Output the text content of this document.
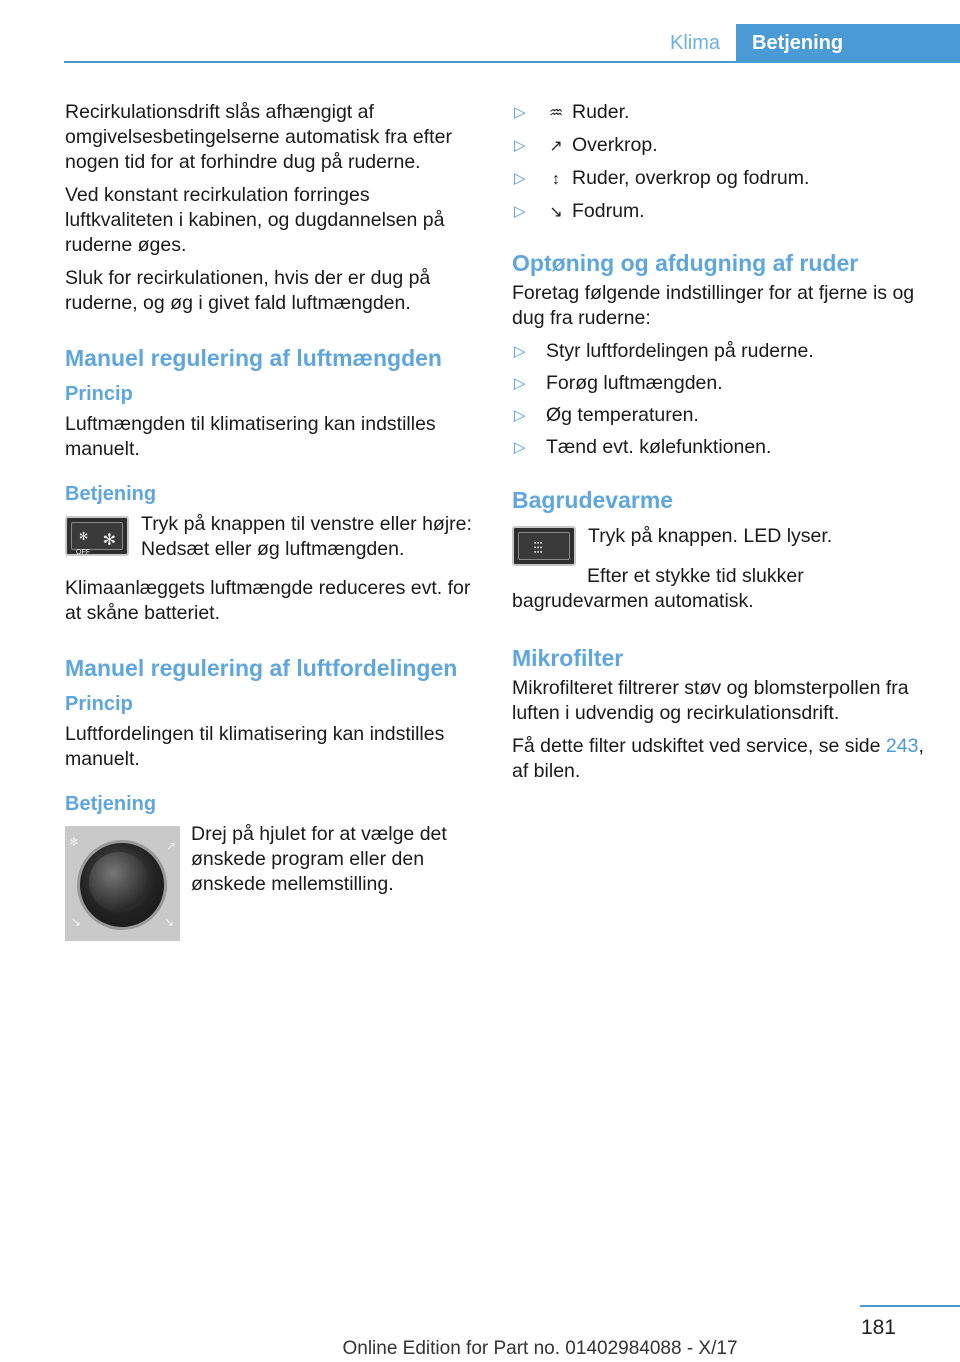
Klima	Betjening

Recirkulationsdrift slås afhængigt af omgivelsesbetingelserne automatisk fra efter nogen tid for at forhindre dug på ruderne.

Ved konstant recirkulation forringes luftkvaliteten i kabinen, og dugdannelsen på ruderne øges.

Sluk for recirkulationen, hvis der er dug på ruderne, og øg i givet fald luftmængden.

Manuel regulering af luftmængden
Princip

Luftmængden til klimatisering kan indstilles manuelt.

Betjening
✻
OFF
✻
Tryk på knappen til venstre eller højre:
Nedsæt eller øg luftmængden.

Klimaanlæggets luftmængde reduceres evt. for at skåne batteriet.

Manuel regulering af luftfordelingen
Princip

Luftfordelingen til klimatisering kan indstilles manuelt.

Betjening
❄	↗
↘	↘
Drej på hjulet for at vælge det ønskede program eller den ønskede mellemstilling.
▷ ♒ Ruder.
▷ ↗ Overkrop.
▷ ↕ Ruder, overkrop og fodrum.
▷ ↘ Fodrum.
Optøning og afdugning af ruder

Foretag følgende indstillinger for at fjerne is og dug fra ruderne:

▷ Styr luftfordelingen på ruderne.
▷ Forøg luftmængden.
▷ Øg temperaturen.
▷ Tænd evt. kølefunktionen.
Bagrudevarme
⫶⫶⫶

Tryk på knappen. LED lyser.

Efter et stykke tid slukker bagrudevarmen automatisk.

Mikrofilter

Mikrofilteret filtrerer støv og blomsterpollen fra luften i udvendig og recirkulationsdrift.

Få dette filter udskiftet ved service, se side 243, af bilen.

181
Online Edition for Part no. 01402984088 - X/17
